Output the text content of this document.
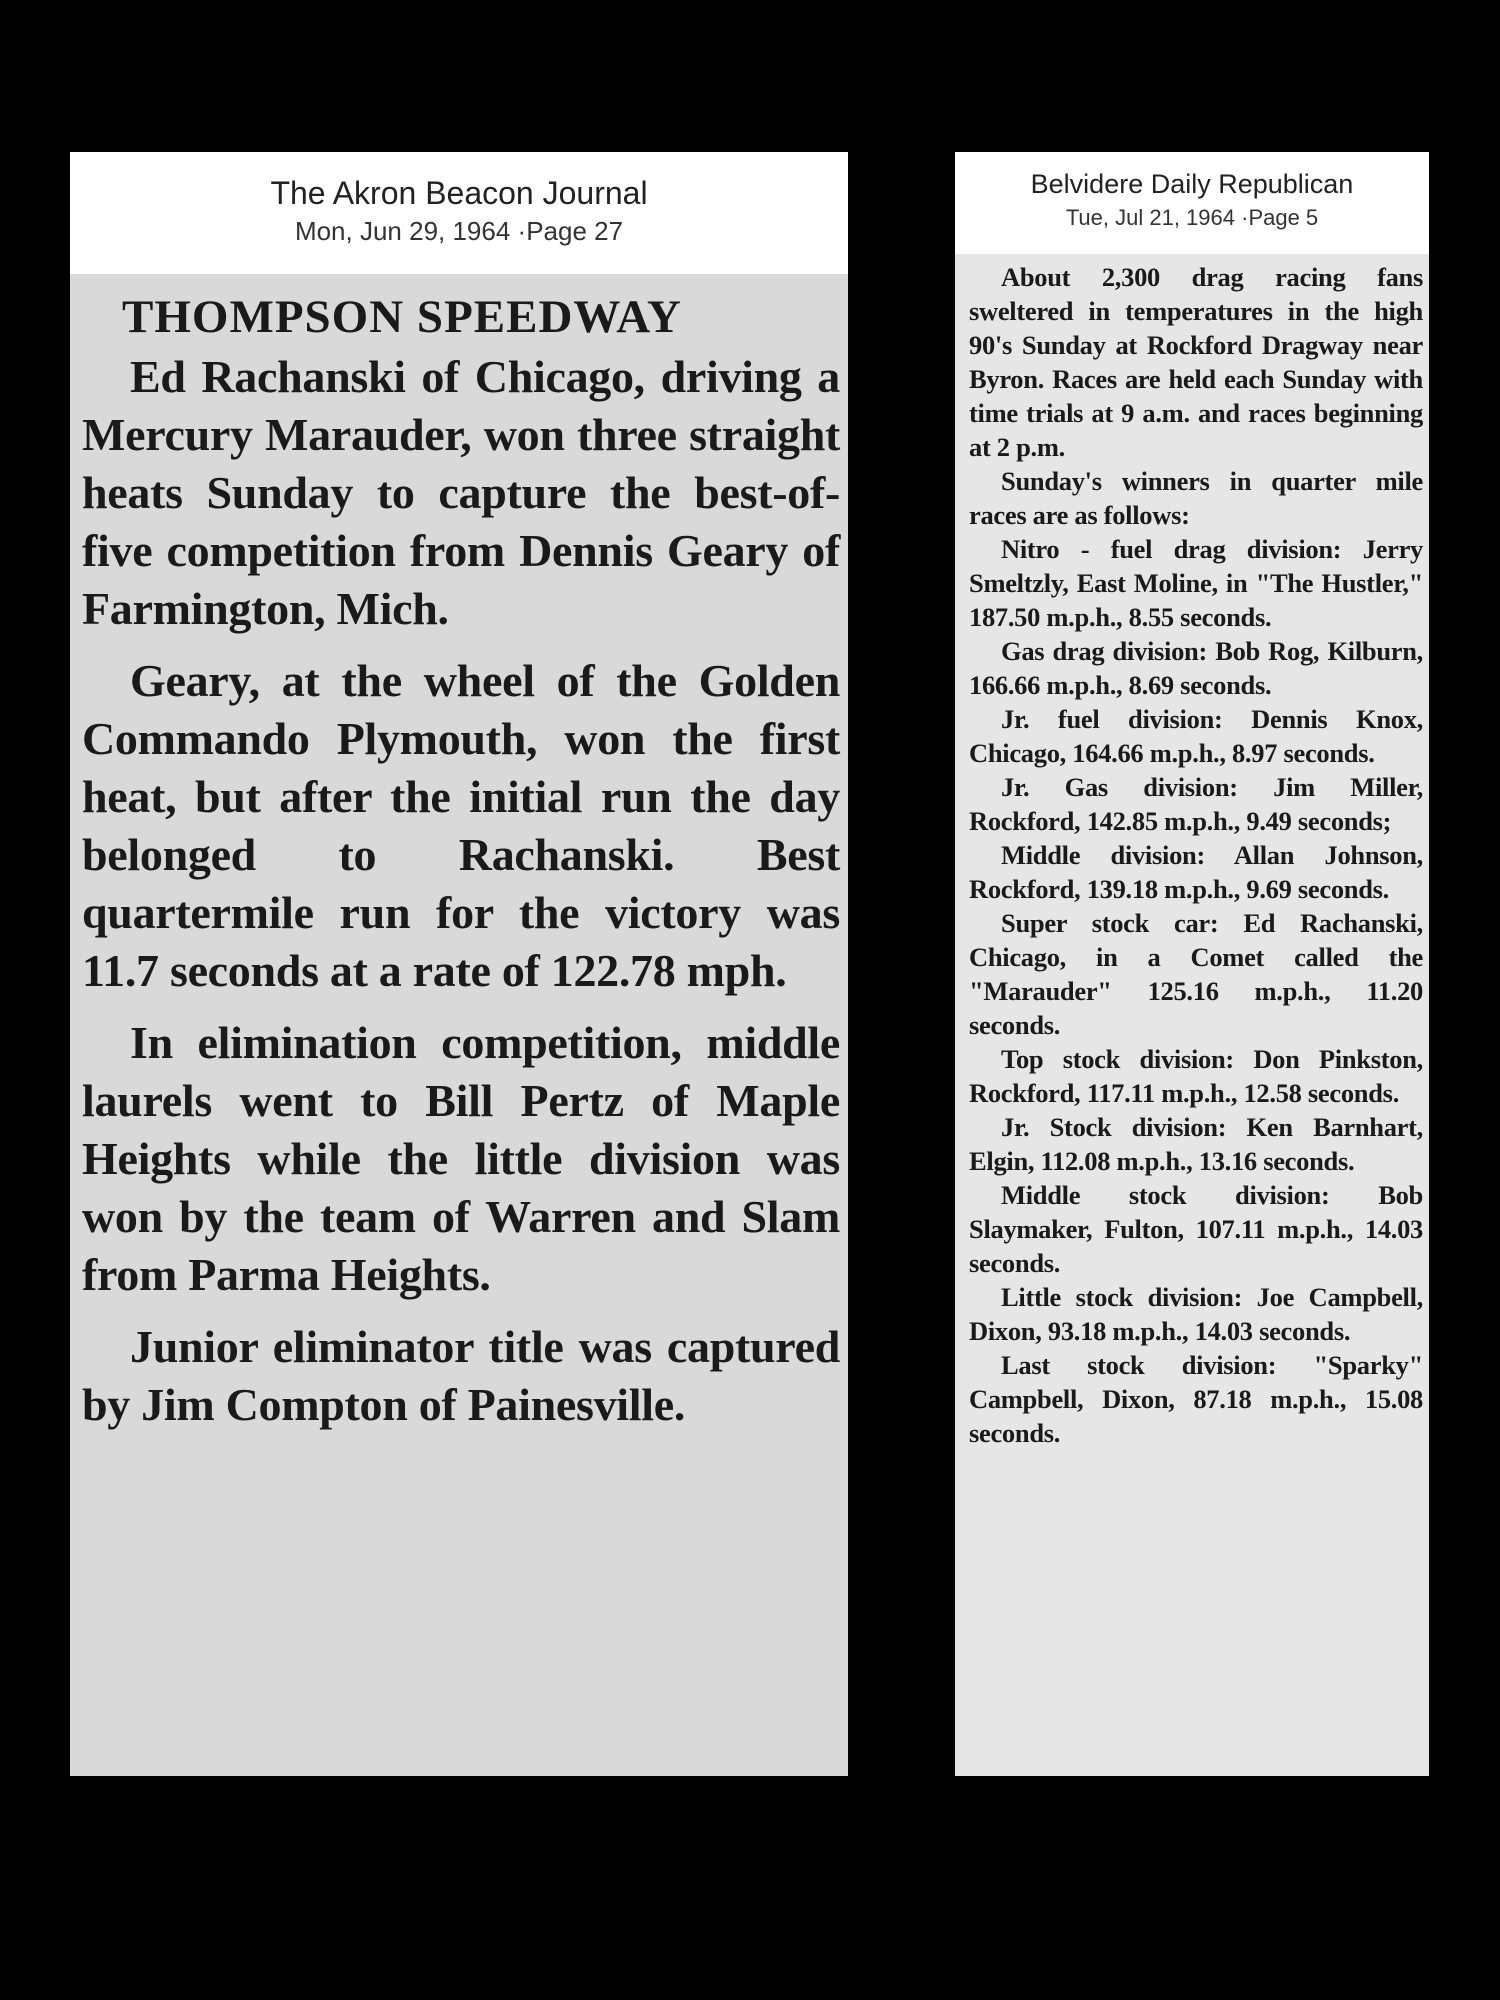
The Akron Beacon Journal
Mon, Jun 29, 1964 ·Page 27
THOMPSON SPEEDWAY

Ed Rachanski of Chicago, driving a Mercury Marauder, won three straight heats Sunday to capture the best-of-five competition from Dennis Geary of Farmington, Mich.

Geary, at the wheel of the Golden Commando Plymouth, won the first heat, but after the initial run the day belonged to Rachanski. Best quartermile run for the victory was 11.7 seconds at a rate of 122.78 mph.

In elimination competition, middle laurels went to Bill Pertz of Maple Heights while the little division was won by the team of Warren and Slam from Parma Heights.

Junior eliminator title was captured by Jim Compton of Painesville.

Belvidere Daily Republican
Tue, Jul 21, 1964 ·Page 5

About 2,300 drag racing fans sweltered in temperatures in the high 90's Sunday at Rockford Dragway near Byron. Races are held each Sunday with time trials at 9 a.m. and races beginning at 2 p.m.

Sunday's winners in quarter mile races are as follows:

Nitro - fuel drag division: Jerry Smeltzly, East Moline, in "The Hustler," 187.50 m.p.h., 8.55 seconds.

Gas drag division: Bob Rog, Kilburn, 166.66 m.p.h., 8.69 seconds.

Jr. fuel division: Dennis Knox, Chicago, 164.66 m.p.h., 8.97 seconds.

Jr. Gas division: Jim Miller, Rockford, 142.85 m.p.h., 9.49 seconds;

Middle division: Allan Johnson, Rockford, 139.18 m.p.h., 9.69 seconds.

Super stock car: Ed Rachanski, Chicago, in a Comet called the "Marauder" 125.16 m.p.h., 11.20 seconds.

Top stock division: Don Pinkston, Rockford, 117.11 m.p.h., 12.58 seconds.

Jr. Stock division: Ken Barnhart, Elgin, 112.08 m.p.h., 13.16 seconds.

Middle stock division: Bob Slaymaker, Fulton, 107.11 m.p.h., 14.03 seconds.

Little stock division: Joe Campbell, Dixon, 93.18 m.p.h., 14.03 seconds.

Last stock division: "Sparky" Campbell, Dixon, 87.18 m.p.h., 15.08 seconds.
